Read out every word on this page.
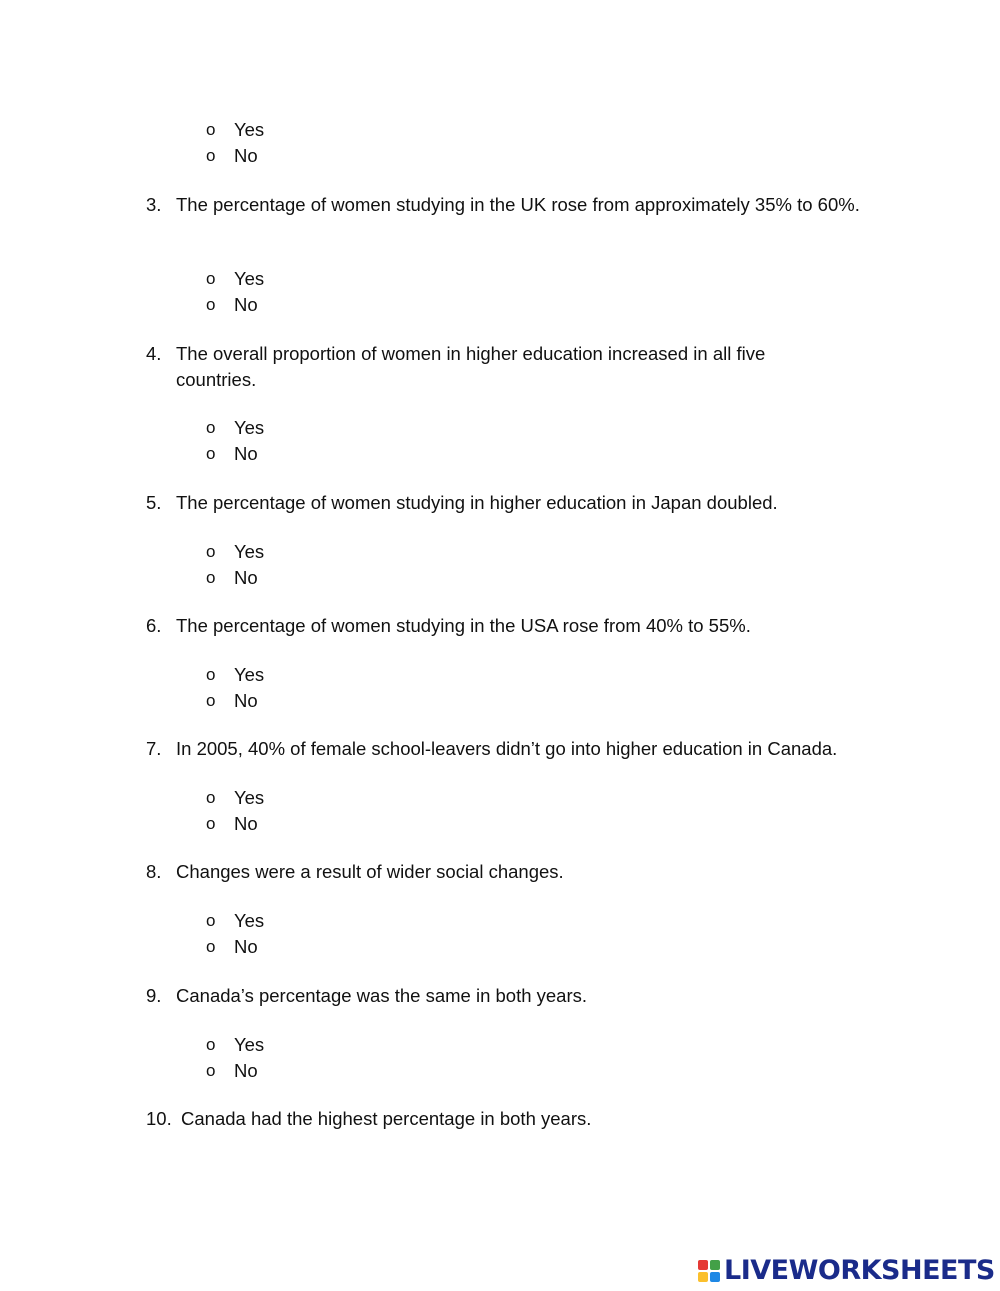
o Yes
o No
3. The percentage of women studying in the UK rose from approximately 35% to 60%.
o Yes
o No
4. The overall proportion of women in higher education increased in all five countries.
o Yes
o No
5. The percentage of women studying in higher education in Japan doubled.
o Yes
o No
6. The percentage of women studying in the USA rose from 40% to 55%.
o Yes
o No
7. In 2005, 40% of female school-leavers didn’t go into higher education in Canada.
o Yes
o No
8. Changes were a result of wider social changes.
o Yes
o No
9. Canada’s percentage was the same in both years.
o Yes
o No
10. Canada had the highest percentage in both years.
LIVEWORKSHEETS
